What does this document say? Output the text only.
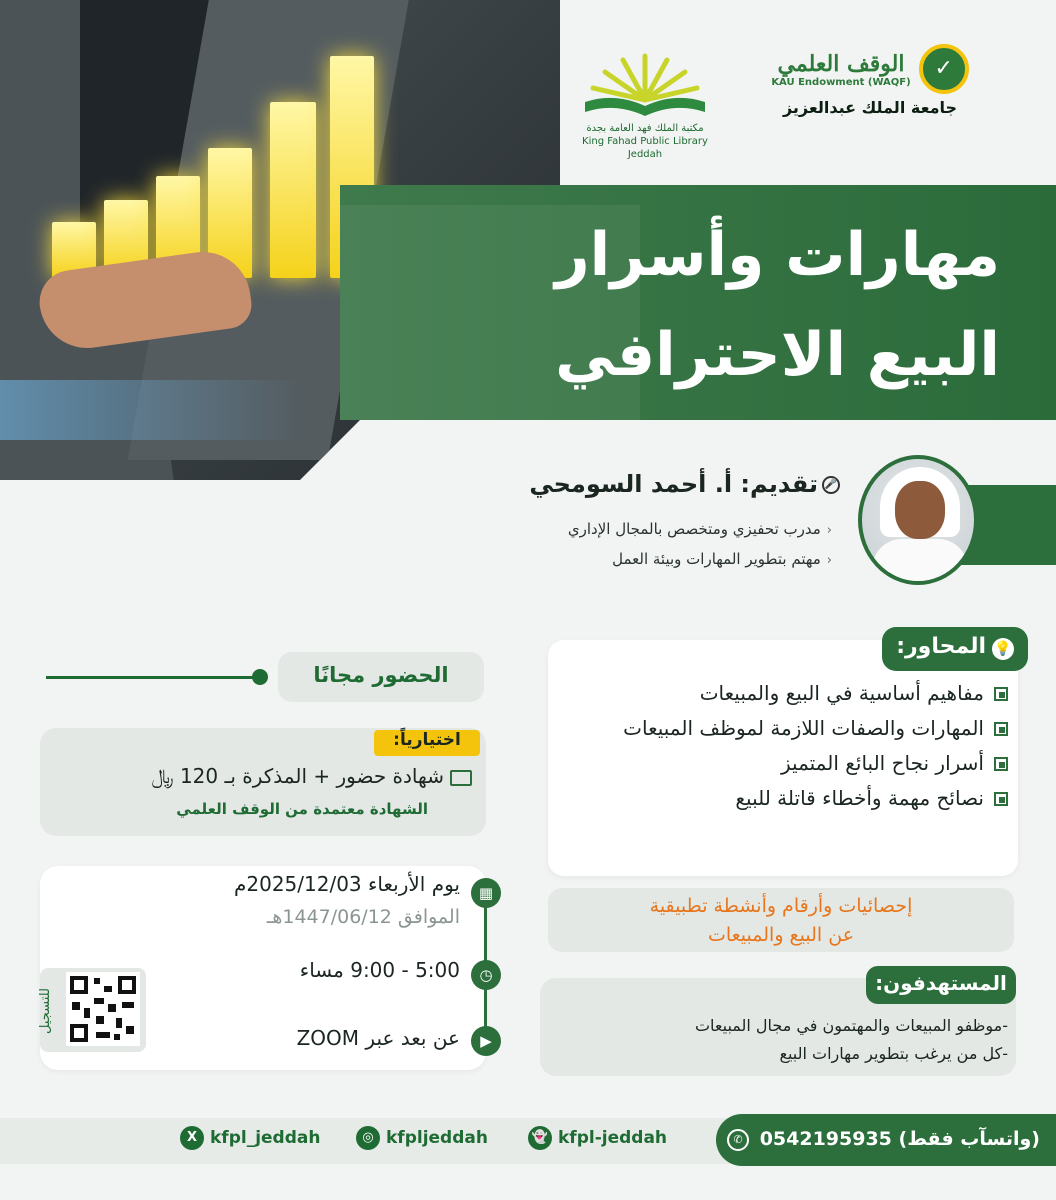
مكتبة الملك فهد العامة بجدة
King Fahad Public Library Jeddah
الوقف العلمي
KAU Endowment (WAQF)
✓
جامعة الملك عبدالعزيز
مهارات وأسرار
البيع الاحترافي
🎤تقديم: أ. أحمد السومحي
‹مدرب تحفيزي ومتخصص بالمجال الإداري
‹مهتم بتطوير المهارات وبيئة العمل
💡المحاور:
مفاهيم أساسية في البيع والمبيعات
المهارات والصفات اللازمة لموظف المبيعات
أسرار نجاح البائع المتميز
نصائح مهمة وأخطاء قاتلة للبيع
إحصائيات وأرقام وأنشطة تطبيقية
عن البيع والمبيعات
المستهدفون:
-موظفو المبيعات والمهتمون في مجال المبيعات
-كل من يرغب بتطوير مهارات البيع
الحضور مجانًا
اختيارياً:
شهادة حضور + المذكرة بـ 120 ﷼
الشهادة معتمدة من الوقف العلمي
▦
◷
▶
يوم الأربعاء 2025/12/03م
الموافق 1447/06/12هـ
5:00 - 9:00 مساء
عن بعد عبر ZOOM
للتسجيل
(واتسآب فقط) 0542195935 ✆
👻 kfpl-jeddah
◎ kfpljeddah
X kfpl_jeddah
